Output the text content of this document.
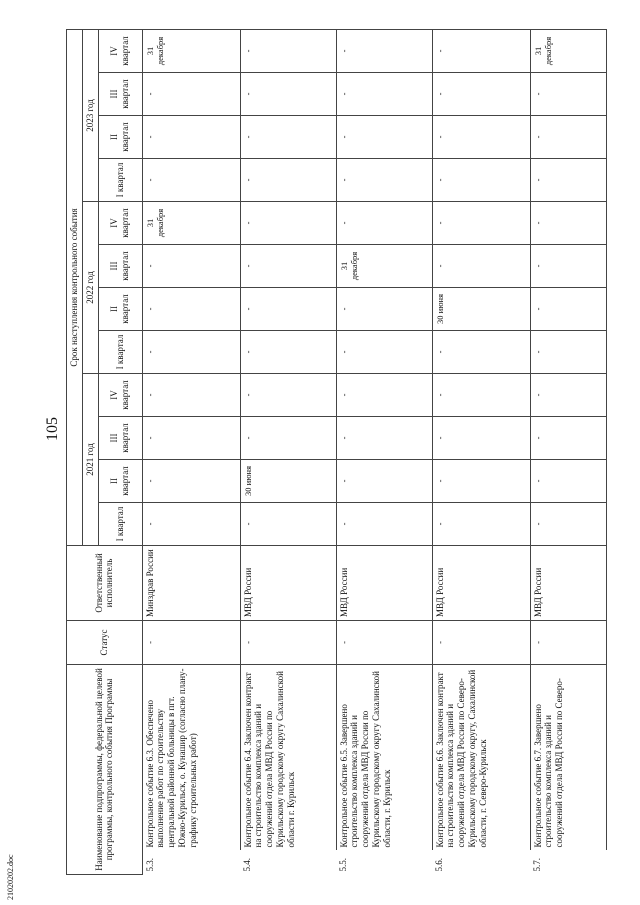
105
21020202.doc
Наименование подпрограммы, федеральной целевой программы, контрольного события Программы		Статус	Ответственный исполнитель	Срок наступления контрольного события											
				2021 год				2022 год				2023 год			
				I квартал	II квартал	III квартал	IV квартал	I квартал	II квартал	III квартал	IV квартал	I квартал	II квартал	III квартал	IV квартал
5.3.	Контрольное событие 6.3. Обеспечено выполнение работ по строительству центральной районной больницы в пгт. Южно-Курильск, о. Кунашир (согласно плану-графику строительных работ)	-	Минздрав России	-	-	-	-	-	-	-	31 декабря	-	-	-	31 декабря
5.4.	Контрольное событие 6.4. Заключен контракт на строительство комплекса зданий и сооружений отдела МВД России по Курильскому городскому округу Сахалинской области г. Курильск	-	МВД России	-	30 июня	-	-	-	-	-	-	-	-	-	-
5.5.	Контрольное событие 6.5. Завершено строительство комплекса зданий и сооружений отдела МВД России по Курильскому городскому округу Сахалинской области, г. Курильск	-	МВД России	-	-	-	-	-	-	31 декабря	-	-	-	-	-
5.6.	Контрольное событие 6.6. Заключен контракт на строительство комплекса зданий и сооружений отдела МВД России по Северо-Курильскому городскому округу, Сахалинской области, г. Северо-Курильск	-	МВД России	-	-	-	-	-	30 июня	-	-	-	-	-	-
5.7.	Контрольное событие 6.7. Завершено строительство комплекса зданий и сооружений отдела МВД России по Северо-	-	МВД России	-	-	-	-	-	-	-	-	-	-	-	31 декабря
